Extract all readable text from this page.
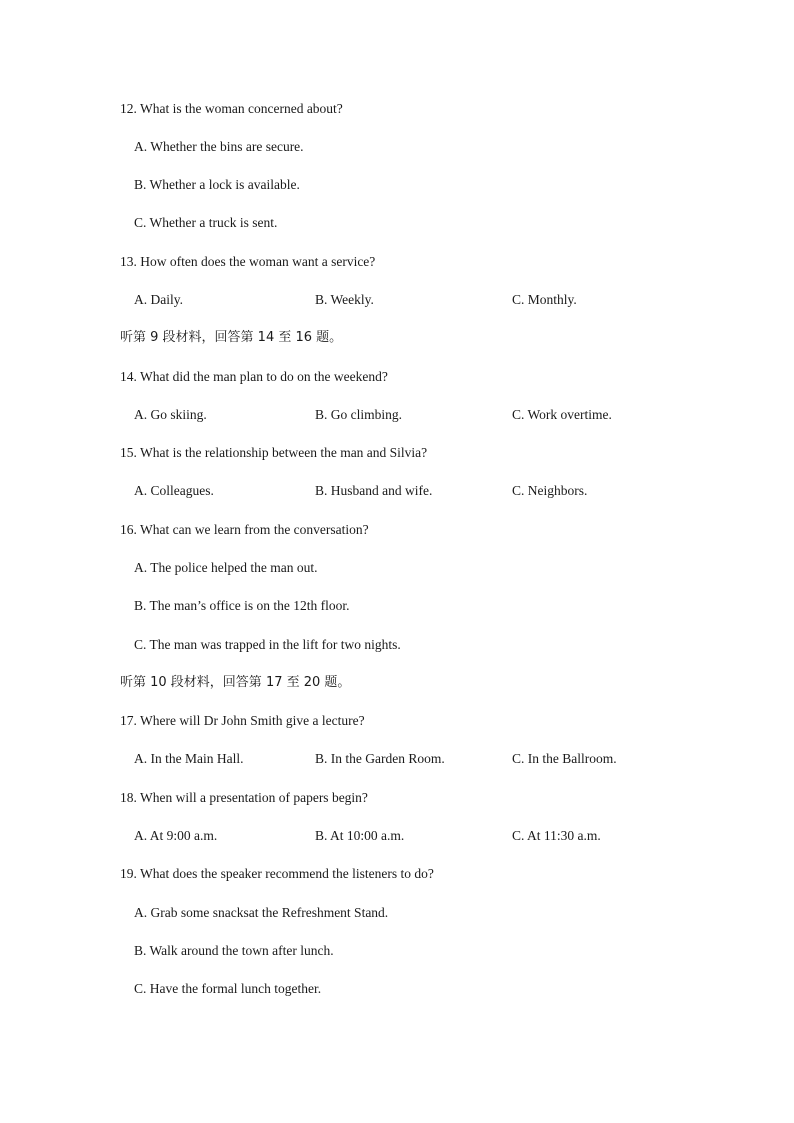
12. What is the woman concerned about?
A. Whether the bins are secure.
B. Whether a lock is available.
C. Whether a truck is sent.
13. How often does the woman want a service?
A. Daily.	B. Weekly.	C. Monthly.
听第 9 段材料，回答第 14 至 16 题。
14. What did the man plan to do on the weekend?
A. Go skiing.	B. Go climbing.	C. Work overtime.
15. What is the relationship between the man and Silvia?
A. Colleagues.	B. Husband and wife.	C. Neighbors.
16. What can we learn from the conversation?
A. The police helped the man out.
B. The man’s office is on the 12th floor.
C. The man was trapped in the lift for two nights.
听第 10 段材料，回答第 17 至 20 题。
17. Where will Dr John Smith give a lecture?
A. In the Main Hall.	B. In the Garden Room.	C. In the Ballroom.
18. When will a presentation of papers begin?
A. At 9:00 a.m.	B. At 10:00 a.m.	C. At 11:30 a.m.
19. What does the speaker recommend the listeners to do?
A. Grab some snacksat the Refreshment Stand.
B. Walk around the town after lunch.
C. Have the formal lunch together.
